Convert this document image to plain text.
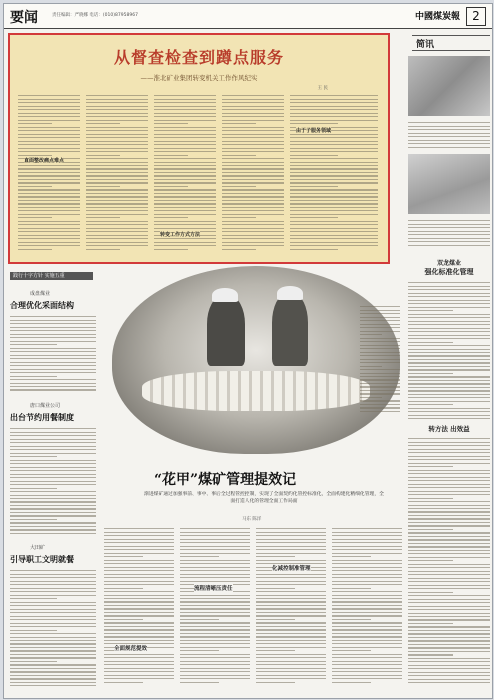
要闻	责任编辑：严晓娜 电话：(010)87958967	中國煤炭報	2
从督查检查到蹲点服务
——淮北矿业集团转变机关工作作风纪实
王 民
直面整改痛点难点
转变工作方式方法
由于子服务领域
简讯
双龙煤业
强化标准化管理
转方法 出效益
践行十字方针 实施五重
成盘煤业
合理优化采面结构
唐口煤业公司
出台节约用餐制度
大田矿
引导职工文明就餐
“花甲”煤矿管理提效记
渐进煤矿通过加强事前、事中、事后全过程管控控制，实现了全面契约化管控标准化，全面构建化精细化管理，全面打造人化的管理全面工作局面
马东 陈洋
流程清晰压责任
全面规范提效
化减控制准管理
